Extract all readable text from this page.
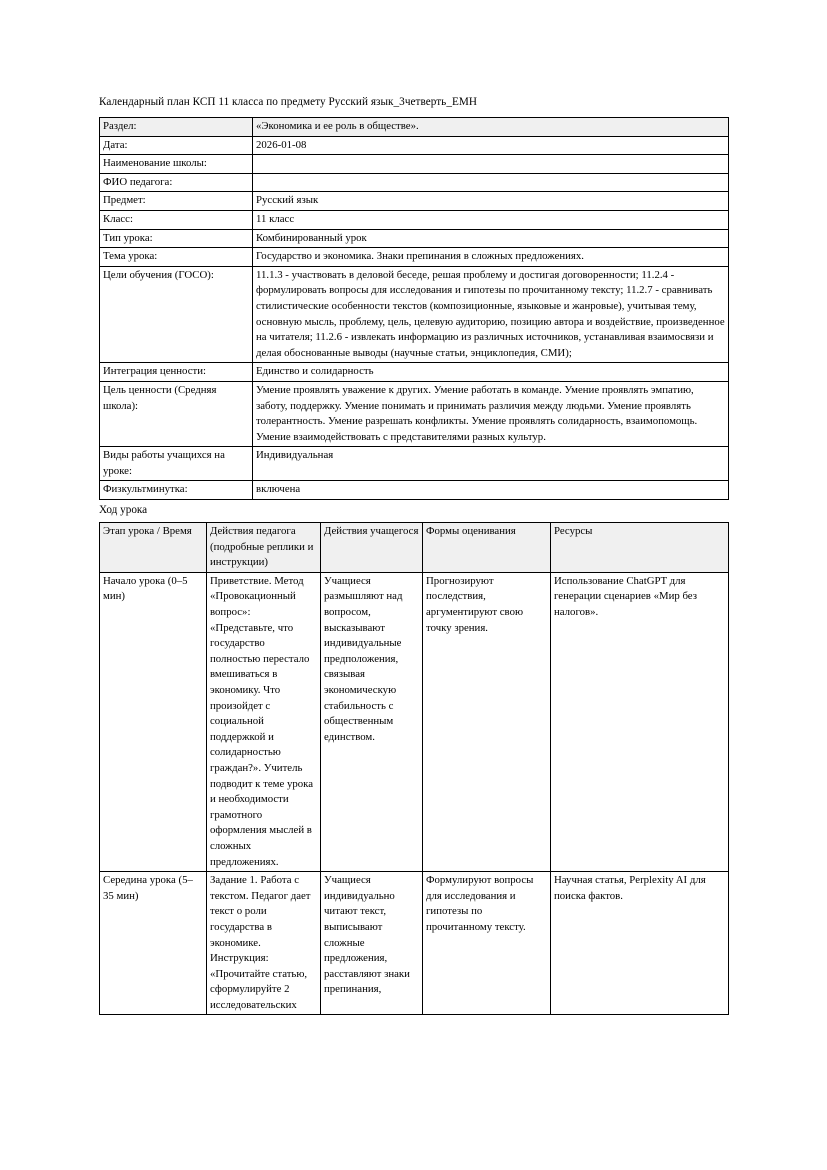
Календарный план КСП 11 класса по предмету Русский язык_3четверть_ЕМН

Раздел:	«Экономика и ее роль в обществе».
Дата:	2026-01-08
Наименование школы:	
ФИО педагога:	
Предмет:	Русский язык
Класс:	11 класс
Тип урока:	Комбинированный урок
Тема урока:	Государство и экономика. Знаки препинания в сложных предложениях.
Цели обучения (ГОСО):	11.1.3 - участвовать в деловой беседе, решая проблему и достигая договоренности; 11.2.4 - формулировать вопросы для исследования и гипотезы по прочитанному тексту; 11.2.7 - сравнивать стилистические особенности текстов (композиционные, языковые и жанровые), учитывая тему, основную мысль, проблему, цель, целевую аудиторию, позицию автора и воздействие, произведенное на читателя; 11.2.6 - извлекать информацию из различных источников, устанавливая взаимосвязи и делая обоснованные выводы (научные статьи, энциклопедия, СМИ);
Интеграция ценности:	Единство и солидарность
Цель ценности (Средняя школа):	Умение проявлять уважение к других. Умение работать в команде. Умение проявлять эмпатию, заботу, поддержку. Умение понимать и принимать различия между людьми. Умение проявлять толерантность. Умение разрешать конфликты. Умение проявлять солидарность, взаимопомощь. Умение взаимодействовать с представителями разных культур.
Виды работы учащихся на уроке:	Индивидуальная
Физкультминутка:	включена

Ход урока

Этап урока / Время	Действия педагога (подробные реплики и инструкции)	Действия учащегося	Формы оценивания	Ресурсы
Начало урока (0–5 мин)	Приветствие. Метод «Провокационный вопрос»: «Представьте, что государство полностью перестало вмешиваться в экономику. Что произойдет с социальной поддержкой и солидарностью граждан?». Учитель подводит к теме урока и необходимости грамотного оформления мыслей в сложных предложениях.	Учащиеся размышляют над вопросом, высказывают индивидуальные предположения, связывая экономическую стабильность с общественным единством.	Прогнозируют последствия, аргументируют свою точку зрения.	Использование ChatGPT для генерации сценариев «Мир без налогов».
Середина урока (5–35 мин)	Задание 1. Работа с текстом. Педагог дает текст о роли государства в экономике. Инструкция: «Прочитайте статью, сформулируйте 2 исследовательских	Учащиеся индивидуально читают текст, выписывают сложные предложения, расставляют знаки препинания,	Формулируют вопросы для исследования и гипотезы по прочитанному тексту.	Научная статья, Perplexity AI для поиска фактов.
